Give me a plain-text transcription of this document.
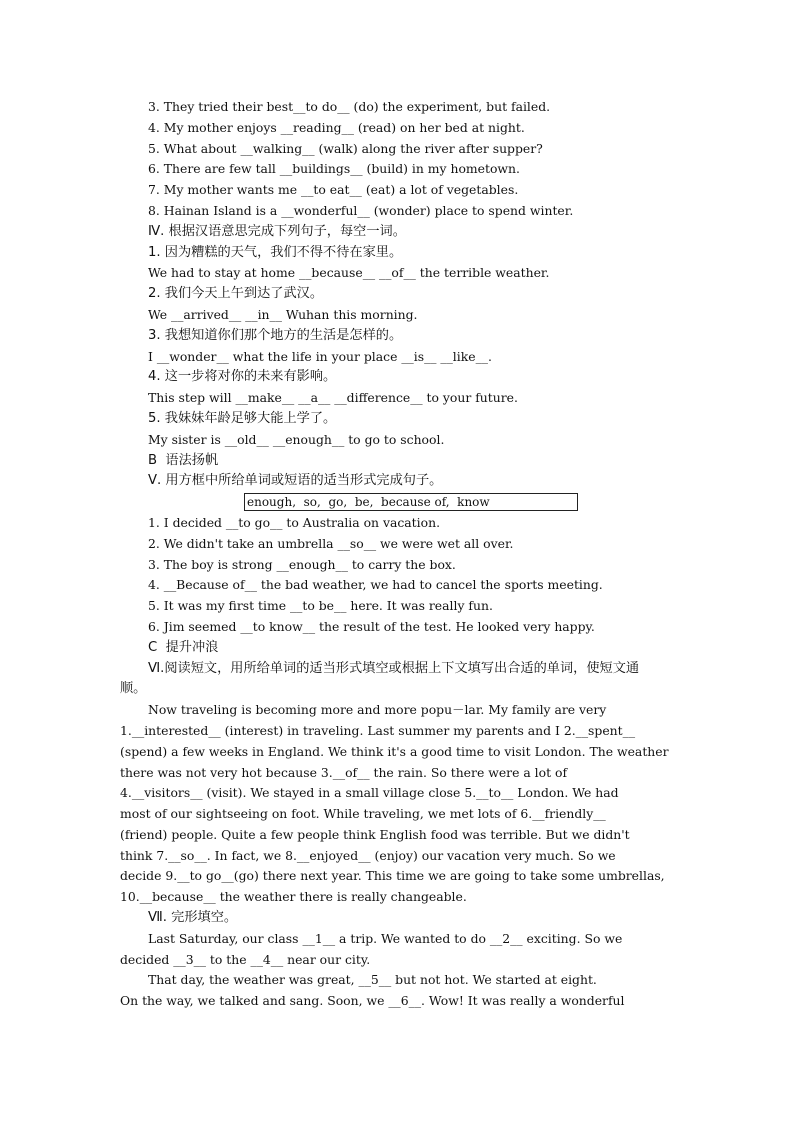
3. They tried their best__to do__ (do) the experiment, but failed.
4. My mother enjoys __reading__ (read) on her bed at night.
5. What about __walking__ (walk) along the river after supper?
6. There are few tall __buildings__ (build) in my hometown.
7. My mother wants me __to eat__ (eat) a lot of vegetables.
8. Hainan Island is a __wonderful__ (wonder) place to spend winter.
Ⅳ. 根据汉语意思完成下列句子，每空一词。
1. 因为糟糕的天气，我们不得不待在家里。
We had to stay at home __because__ __of__ the terrible weather.
2. 我们今天上午到达了武汉。
We __arrived__ __in__ Wuhan this morning.
3. 我想知道你们那个地方的生活是怎样的。
I __wonder__ what the life in your place __is__ __like__.
4. 这一步将对你的未来有影响。
This step will __make__ __a__ __difference__ to your future.
5. 我妹妹年龄足够大能上学了。
My sister is __old__ __enough__ to go to school.
B  语法扬帆
Ⅴ. 用方框中所给单词或短语的适当形式完成句子。
enough,  so,  go,  be,  because of,  know
1. I decided __to go__ to Australia on vacation.
2. We didn't take an umbrella __so__ we were wet all over.
3. The boy is strong __enough__ to carry the box.
4. __Because of__ the bad weather, we had to cancel the sports meeting.
5. It was my first time __to be__ here. It was really fun.
6. Jim seemed __to know__ the result of the test. He looked very happy.
C  提升冲浪
Ⅵ.阅读短文，用所给单词的适当形式填空或根据上下文填写出合适的单词，使短文通
顺。
Now traveling is becoming more and more popu－lar. My family are very
1.__interested__ (interest) in traveling. Last summer my parents and I 2.__spent__
(spend) a few weeks in England. We think it's a good time to visit London. The weather
there was not very hot because 3.__of__ the rain. So there were a lot of
4.__visitors__ (visit). We stayed in a small village close 5.__to__ London. We had
most of our sightseeing on foot. While traveling, we met lots of 6.__friendly__
(friend) people. Quite a few people think English food was terrible. But we didn't
think 7.__so__. In fact, we 8.__enjoyed__ (enjoy) our vacation very much. So we
decide 9.__to go__(go) there next year. This time we are going to take some umbrellas,
10.__because__ the weather there is really changeable.
Ⅶ. 完形填空。
Last Saturday, our class __1__ a trip. We wanted to do __2__ exciting. So we
decided __3__ to the __4__ near our city.
That day, the weather was great, __5__ but not hot. We started at eight.
On the way, we talked and sang. Soon, we __6__. Wow! It was really a wonderful
